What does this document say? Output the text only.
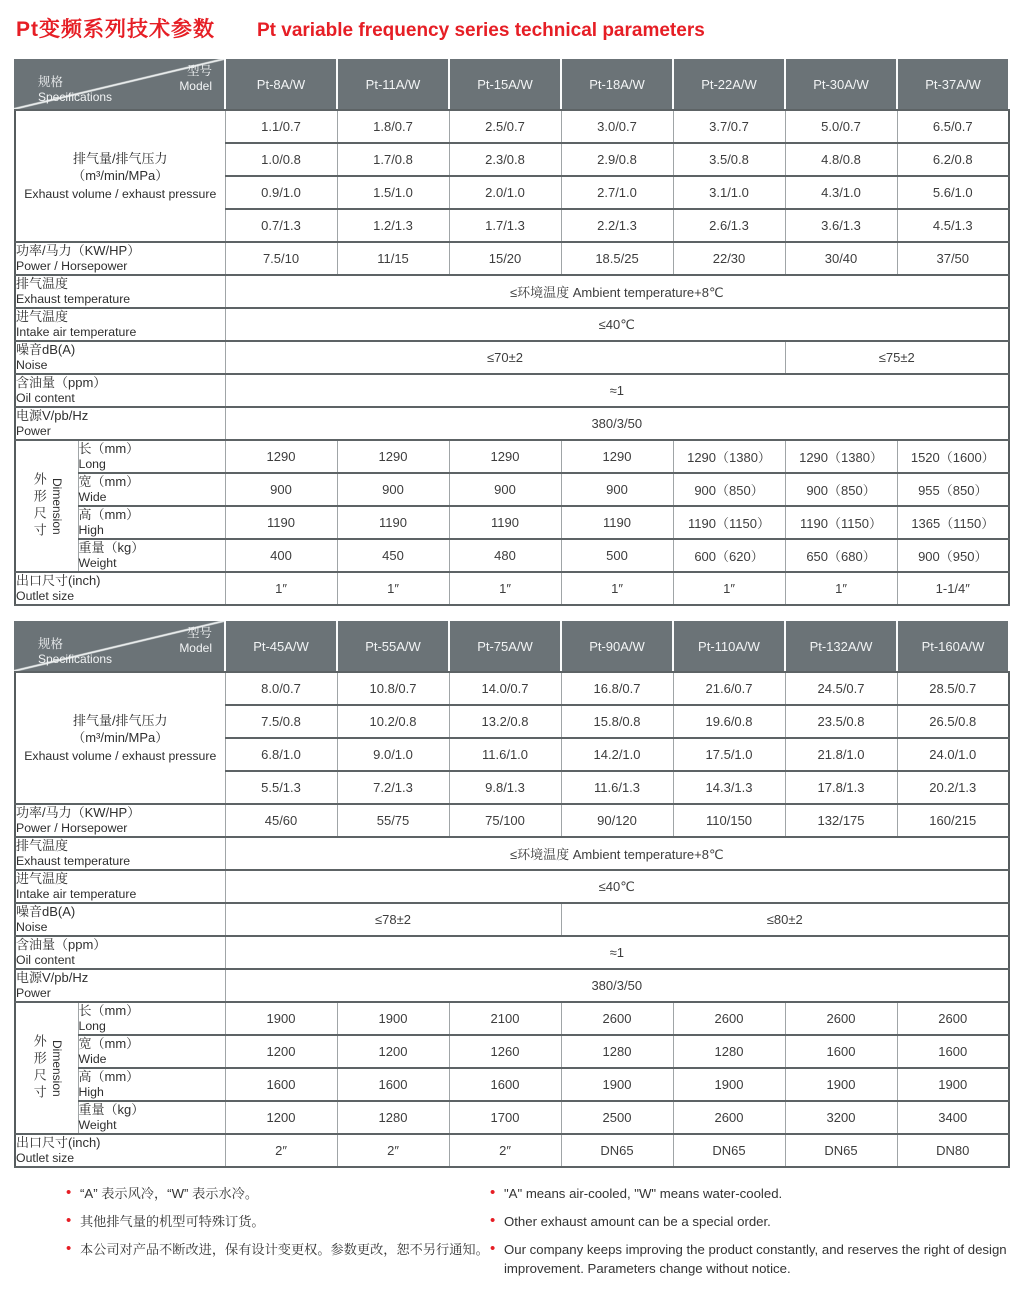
Pt变频系列技术参数 Pt variable frequency series technical parameters
型号
Model
规格
Specifications
Pt-8A/W	Pt-11A/W	Pt-15A/W	Pt-18A/W	Pt-22A/W	Pt-30A/W	Pt-37A/W
排气量/排气压力
（m³/min/MPa）
Exhaust volume / exhaust pressure		1.1/0.7	1.8/0.7	2.5/0.7	3.0/0.7	3.7/0.7	5.0/0.7	6.5/0.7
		1.0/0.8	1.7/0.8	2.3/0.8	2.9/0.8	3.5/0.8	4.8/0.8	6.2/0.8
		0.9/1.0	1.5/1.0	2.0/1.0	2.7/1.0	3.1/1.0	4.3/1.0	5.6/1.0
		0.7/1.3	1.2/1.3	1.7/1.3	2.2/1.3	2.6/1.3	3.6/1.3	4.5/1.3

功率/马力（KW/HP）
Power / Horsepower		7.5/10	11/15	15/20	18.5/25	22/30	30/40	37/50

排气温度
Exhaust temperature		≤环境温度 Ambient temperature+8℃						

进气温度
Intake air temperature		≤40℃						

噪音dB(A)
Noise		≤70±2					≤75±2	

含油量（ppm）
Oil content		≈1						

电源V/pb/Hz
Power		380/3/50						

外形尺寸 Dimension

长（mm）
Long	1290	1290	1290	1290	1290（1380）	1290（1380）	1520（1600）

	宽（mm）
Wide	900	900	900	900	900（850）	900（850）	955（850）

	高（mm）
High	1190	1190	1190	1190	1190（1150）	1190（1150）	1365（1150）

	重量（kg）
Weight	400	450	480	500	600（620）	650（680）	900（950）

出口尺寸(inch)
Outlet size		1″	1″	1″	1″	1″	1″	1-1/4″
型号
Model
规格
Specifications
Pt-45A/W	Pt-55A/W	Pt-75A/W	Pt-90A/W	Pt-110A/W	Pt-132A/W	Pt-160A/W
排气量/排气压力
（m³/min/MPa）
Exhaust volume / exhaust pressure		8.0/0.7	10.8/0.7	14.0/0.7	16.8/0.7	21.6/0.7	24.5/0.7	28.5/0.7
		7.5/0.8	10.2/0.8	13.2/0.8	15.8/0.8	19.6/0.8	23.5/0.8	26.5/0.8
		6.8/1.0	9.0/1.0	11.6/1.0	14.2/1.0	17.5/1.0	21.8/1.0	24.0/1.0
		5.5/1.3	7.2/1.3	9.8/1.3	11.6/1.3	14.3/1.3	17.8/1.3	20.2/1.3

功率/马力（KW/HP）
Power / Horsepower		45/60	55/75	75/100	90/120	110/150	132/175	160/215

排气温度
Exhaust temperature		≤环境温度 Ambient temperature+8℃						

进气温度
Intake air temperature		≤40℃						

噪音dB(A)
Noise		≤78±2			≤80±2			

含油量（ppm）
Oil content		≈1						

电源V/pb/Hz
Power		380/3/50						

外形尺寸 Dimension

长（mm）
Long	1900	1900	2100	2600	2600	2600	2600

	宽（mm）
Wide	1200	1200	1260	1280	1280	1600	1600

	高（mm）
High	1600	1600	1600	1900	1900	1900	1900

	重量（kg）
Weight	1200	1280	1700	2500	2600	3200	3400

出口尺寸(inch)
Outlet size		2″	2″	2″	DN65	DN65	DN65	DN80
• “A” 表示风冷，“W” 表示水冷。
• 其他排气量的机型可特殊订货。
• 本公司对产品不断改进，保有设计变更权。参数更改，恕不另行通知。
• "A" means air-cooled, "W" means water-cooled.
• Other exhaust amount can be a special order.
• Our company keeps improving the product constantly, and reserves the right of design improvement. Parameters change without notice.
